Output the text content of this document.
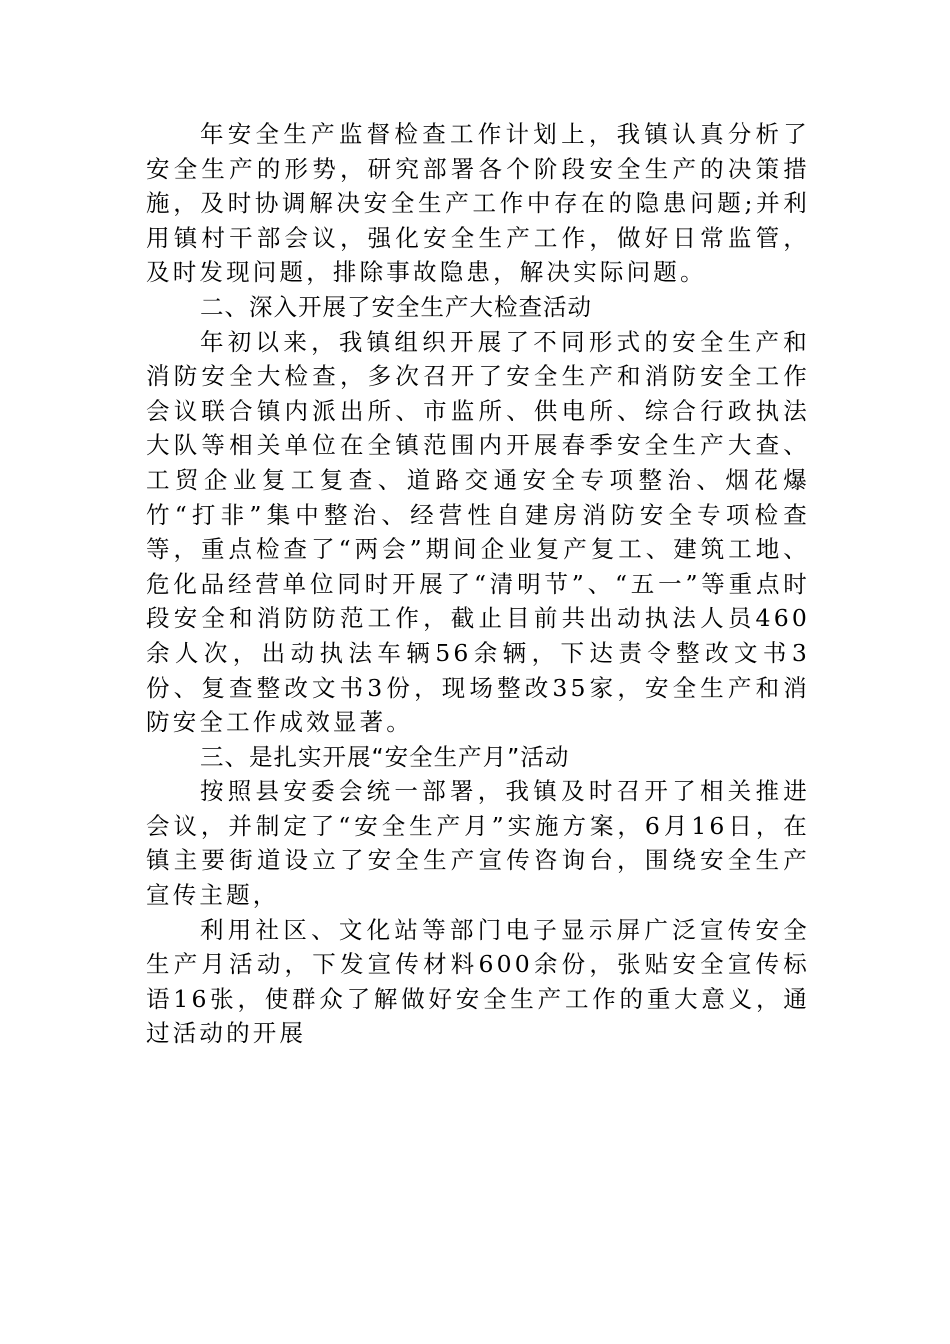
年安全生产监督检查工作计划上，我镇认真分析了安全生产的形势，研究部署各个阶段安全生产的决策措施，及时协调解决安全生产工作中存在的隐患问题;并利用镇村干部会议，强化安全生产工作，做好日常监管，及时发现问题，排除事故隐患，解决实际问题。

二、深入开展了安全生产大检查活动

年初以来，我镇组织开展了不同形式的安全生产和消防安全大检查，多次召开了安全生产和消防安全工作会议联合镇内派出所、市监所、供电所、综合行政执法大队等相关单位在全镇范围内开展春季安全生产大查、工贸企业复工复查、道路交通安全专项整治、烟花爆竹“打非”集中整治、经营性自建房消防安全专项检查等，重点检查了“两会”期间企业复产复工、建筑工地、危化品经营单位同时开展了“清明节”、“五一”等重点时段安全和消防防范工作，截止目前共出动执法人员460余人次，出动执法车辆56余辆，下达责令整改文书3份、复查整改文书3份，现场整改35家，安全生产和消防安全工作成效显著。

三、是扎实开展“安全生产月”活动

按照县安委会统一部署，我镇及时召开了相关推进会议，并制定了“安全生产月”实施方案，6月16日，在镇主要街道设立了安全生产宣传咨询台，围绕安全生产宣传主题，

利用社区、文化站等部门电子显示屏广泛宣传安全生产月活动，下发宣传材料600余份，张贴安全宣传标语16张，使群众了解做好安全生产工作的重大意义，通过活动的开展
